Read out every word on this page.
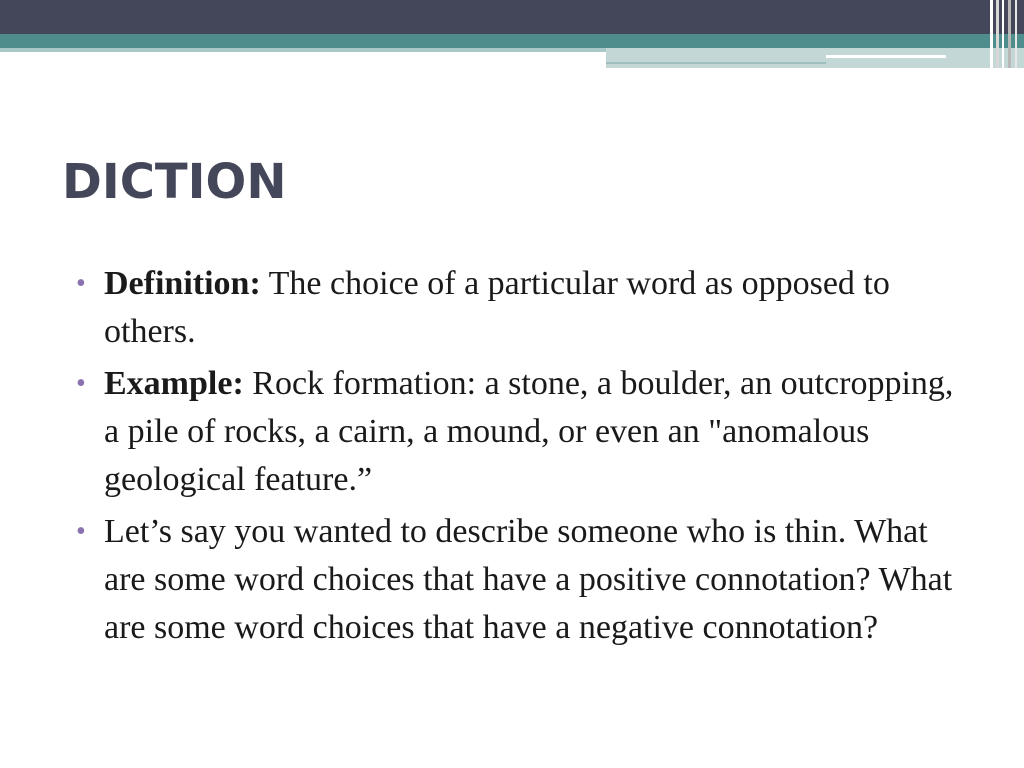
DICTION
• Definition: The choice of a particular word as opposed to others.
• Example: Rock formation: a stone, a boulder, an outcropping, a pile of rocks, a cairn, a mound, or even an "anomalous geological feature.”
• Let’s say you wanted to describe someone who is thin. What are some word choices that have a positive connotation? What are some word choices that have a negative connotation?
